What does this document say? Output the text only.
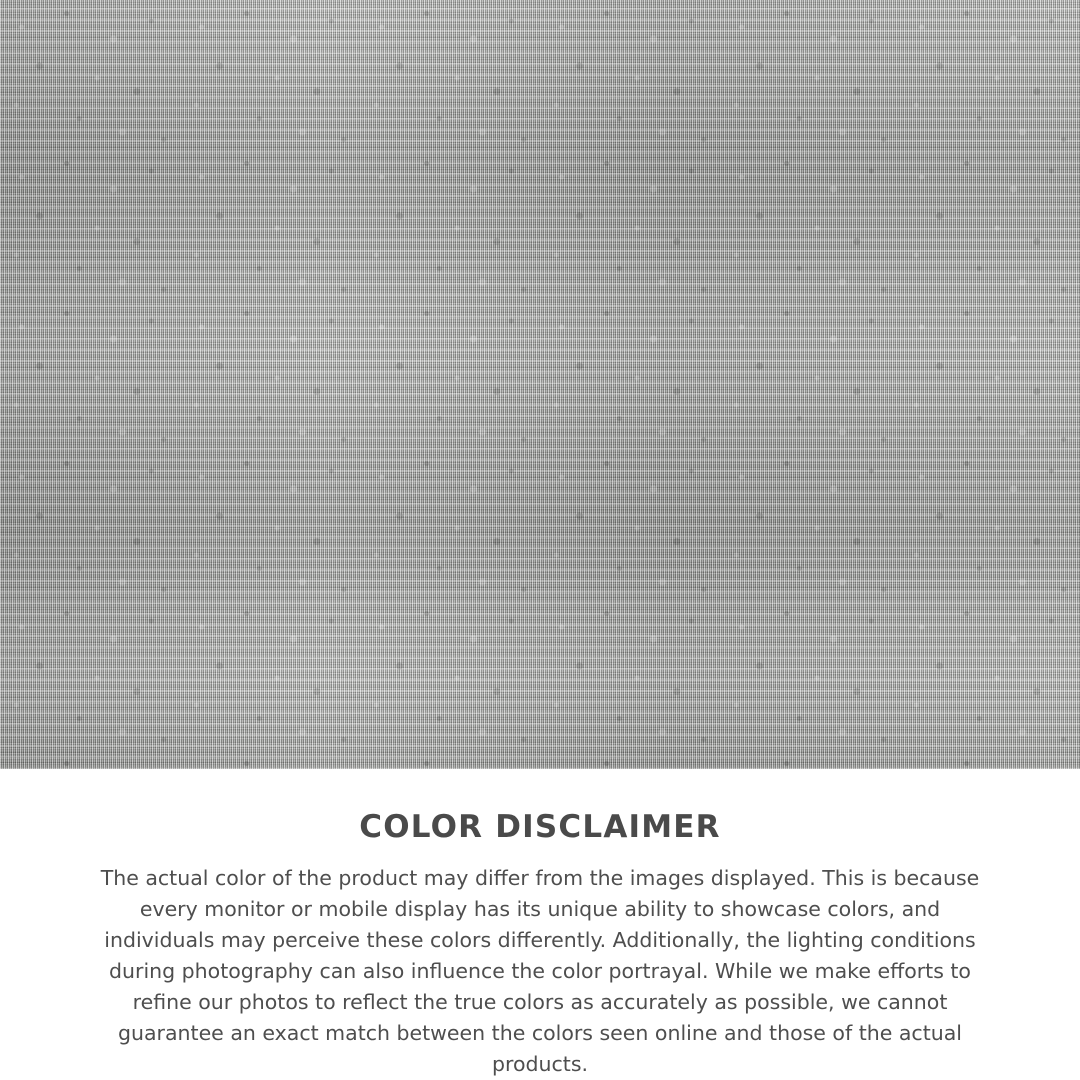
COLOR DISCLAIMER

The actual color of the product may differ from the images displayed. This is because every monitor or mobile display has its unique ability to showcase colors, and individuals may perceive these colors differently. Additionally, the lighting conditions during photography can also influence the color portrayal. While we make efforts to refine our photos to reflect the true colors as accurately as possible, we cannot guarantee an exact match between the colors seen online and those of the actual products.
